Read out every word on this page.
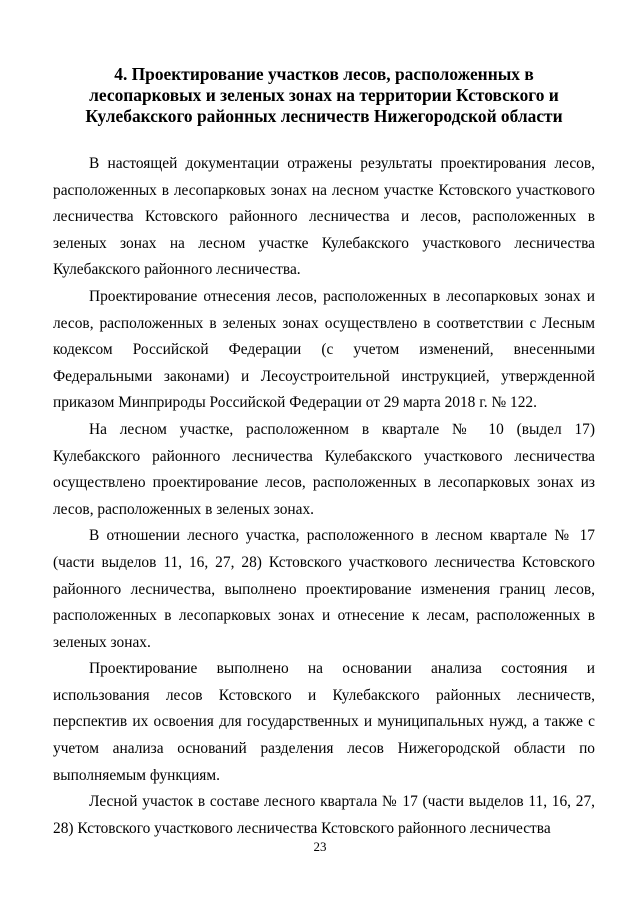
4. Проектирование участков лесов, расположенных в
лесопарковых и зеленых зонах на территории Кстовского и
Кулебакского районных лесничеств Нижегородской области

В настоящей документации отражены результаты проектирования лесов, расположенных в лесопарковых зонах на лесном участке Кстовского участкового лесничества Кстовского районного лесничества и лесов, расположенных в зеленых зонах на лесном участке Кулебакского участкового лесничества Кулебакского районного лесничества.

Проектирование отнесения лесов, расположенных в лесопарковых зонах и лесов, расположенных в зеленых зонах осуществлено в соответствии с Лесным кодексом Российской Федерации (с учетом изменений, внесенными Федеральными законами) и Лесоустроительной инструкцией, утвержденной приказом Минприроды Российской Федерации от 29 марта 2018 г. № 122.

На лесном участке, расположенном в квартале № 10 (выдел 17) Кулебакского районного лесничества Кулебакского участкового лесничества осуществлено проектирование лесов, расположенных в лесопарковых зонах из лесов, расположенных в зеленых зонах.

В отношении лесного участка, расположенного в лесном квартале № 17 (части выделов 11, 16, 27, 28) Кстовского участкового лесничества Кстовского районного лесничества, выполнено проектирование изменения границ лесов, расположенных в лесопарковых зонах и отнесение к лесам, расположенных в зеленых зонах.

Проектирование выполнено на основании анализа состояния и использования лесов Кстовского и Кулебакского районных лесничеств, перспектив их освоения для государственных и муниципальных нужд, а также с учетом анализа оснований разделения лесов Нижегородской области по выполняемым функциям.

Лесной участок в составе лесного квартала № 17 (части выделов 11, 16, 27, 28) Кстовского участкового лесничества Кстовского районного лесничества

23
